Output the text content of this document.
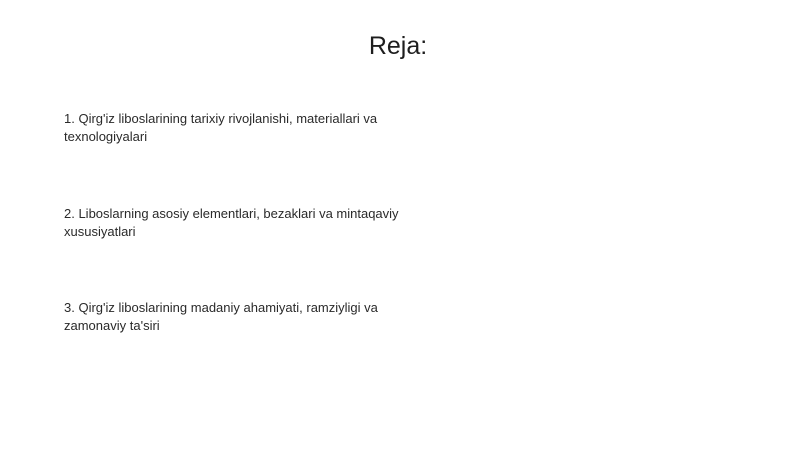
Reja:
1. Qirg'iz liboslarining tarixiy rivojlanishi, materiallari va texnologiyalari
2. Liboslarning asosiy elementlari, bezaklari va mintaqaviy xususiyatlari
3. Qirg'iz liboslarining madaniy ahamiyati, ramziyligi va zamonaviy ta'siri
